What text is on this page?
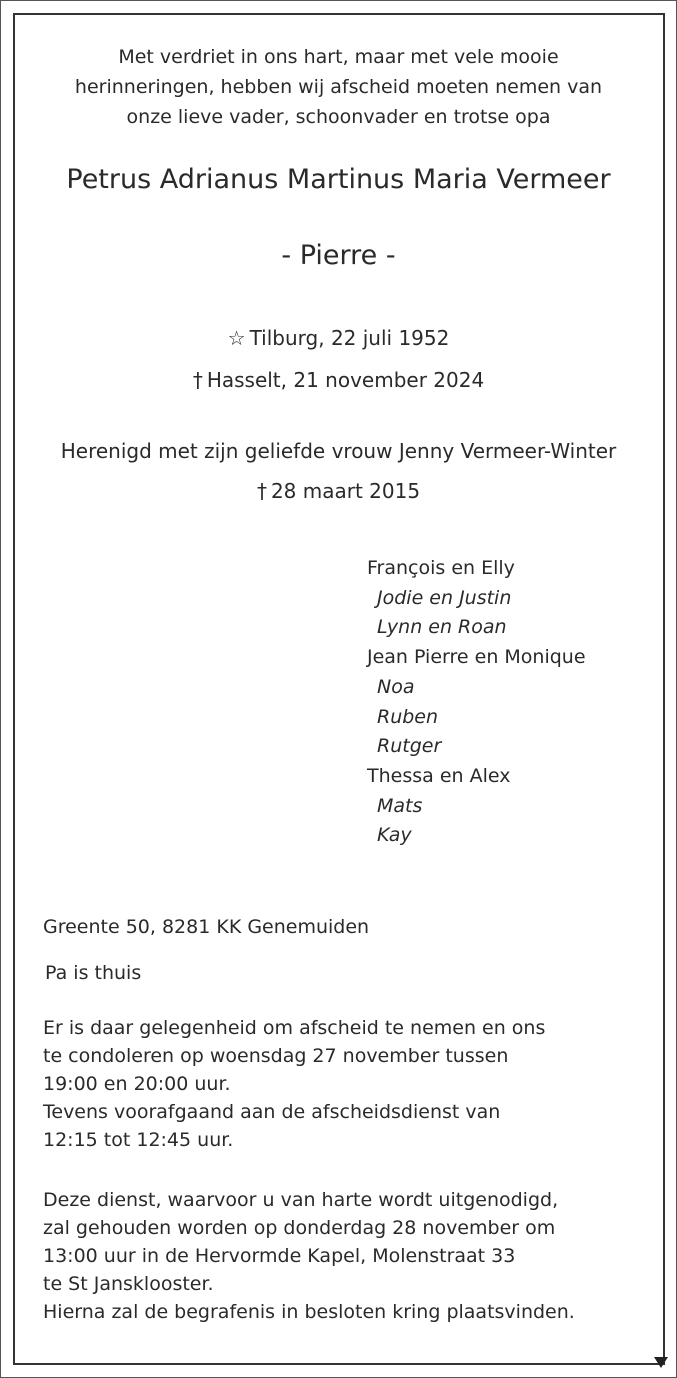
Met verdriet in ons hart, maar met vele mooie
herinneringen, hebben wij afscheid moeten nemen van
onze lieve vader, schoonvader en trotse opa
Petrus Adrianus Martinus Maria Vermeer
- Pierre -
☆ Tilburg, 22 juli 1952
† Hasselt, 21 november 2024
Herenigd met zijn geliefde vrouw Jenny Vermeer-Winter
† 28 maart 2015
François en Elly
Jodie en Justin
Lynn en Roan
Jean Pierre en Monique
Noa
Ruben
Rutger
Thessa en Alex
Mats
Kay
Greente 50, 8281 KK Genemuiden
Pa is thuis
Er is daar gelegenheid om afscheid te nemen en ons
te condoleren op woensdag 27 november tussen
19:00 en 20:00 uur.
Tevens voorafgaand aan de afscheidsdienst van
12:15 tot 12:45 uur.
Deze dienst, waarvoor u van harte wordt uitgenodigd,
zal gehouden worden op donderdag 28 november om
13:00 uur in de Hervormde Kapel, Molenstraat 33
te St Jansklooster.
Hierna zal de begrafenis in besloten kring plaatsvinden.
